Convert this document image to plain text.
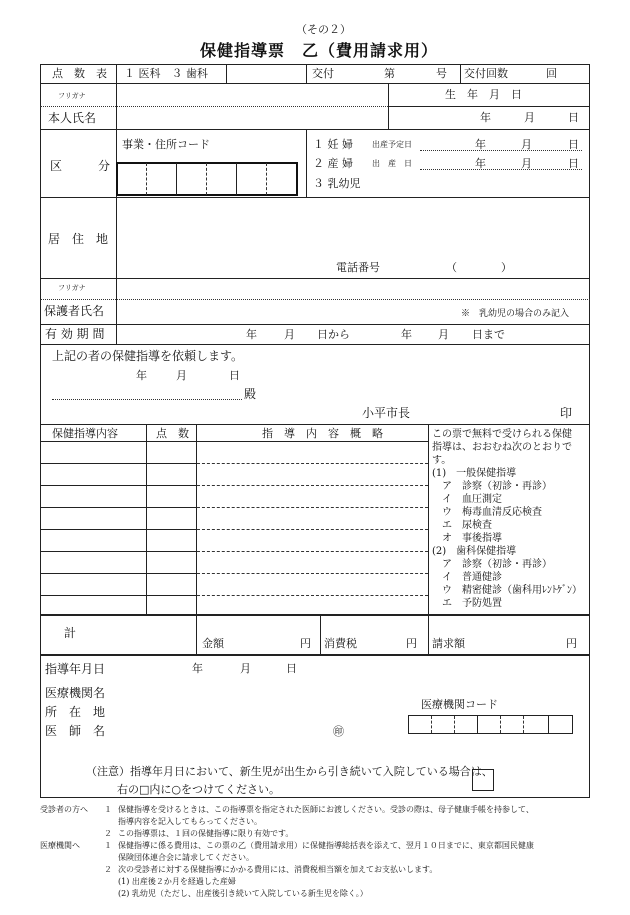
（その２）
保健指導票　乙（費用請求用）
点　数　表 １ 医科　３ 歯科	交付	第	号 交付回数	回
フリガナ
本人氏名
生　年　月　日
年	月	日
区　　　分
事業・住所コード	１ 妊 婦 出産予定日	年	月	日
２ 産 婦 出　産　日	年	月	日
３ 乳幼児
居　住　地
電話番号	（　　　　）
フリガナ
保護者氏名	※　乳幼児の場合のみ記入
有 効 期 間	年 月 日から	年 月 日まで
上記の者の保健指導を依頼します。
年	月	日
殿
小平市長	印
保健指導内容	点　数	指　導　内　容　概　略	この票で無料で受けられる保健
指導は、おおむね次のとおりで
す。
(1)　一般保健指導
　ア　診察（初診・再診）
　イ　血圧測定
　ウ　梅毒血清反応検査
　エ　尿検査
　オ　事後指導
(2)　歯科保健指導
　ア　診察（初診・再診）
　イ　普通健診
　ウ　精密健診（歯科用ﾚﾝﾄｹﾞﾝ）
　エ　予防処置
計
金額	円 消費税	円 請求額	円
指導年月日	年	月	日
医療機関名
所　在　地
医　師　名	㊞
医療機関コード
（注意）指導年月日において、新生児が出生から引き続いて入院している場合は、
右の□内に○をつけてください。
受診者の方へ １ 保健指導を受けるときは、この指導票を指定された医師にお渡しください。受診の際は、母子健康手帳を持参して、
指導内容を記入してもらってください。
２ この指導票は、１回の保健指導に限り有効です。
医療機関へ	１ 保健指導に係る費用は、この票の乙（費用請求用）に保健指導総括表を添えて、翌月１０日までに、東京都国民健康
保険団体連合会に請求してください。
２ 次の受診者に対する保健指導にかかる費用には、消費税相当額を加えてお支払いします。
(1) 出産後２か月を経過した産婦
(2) 乳幼児（ただし、出産後引き続いて入院している新生児を除く。）
